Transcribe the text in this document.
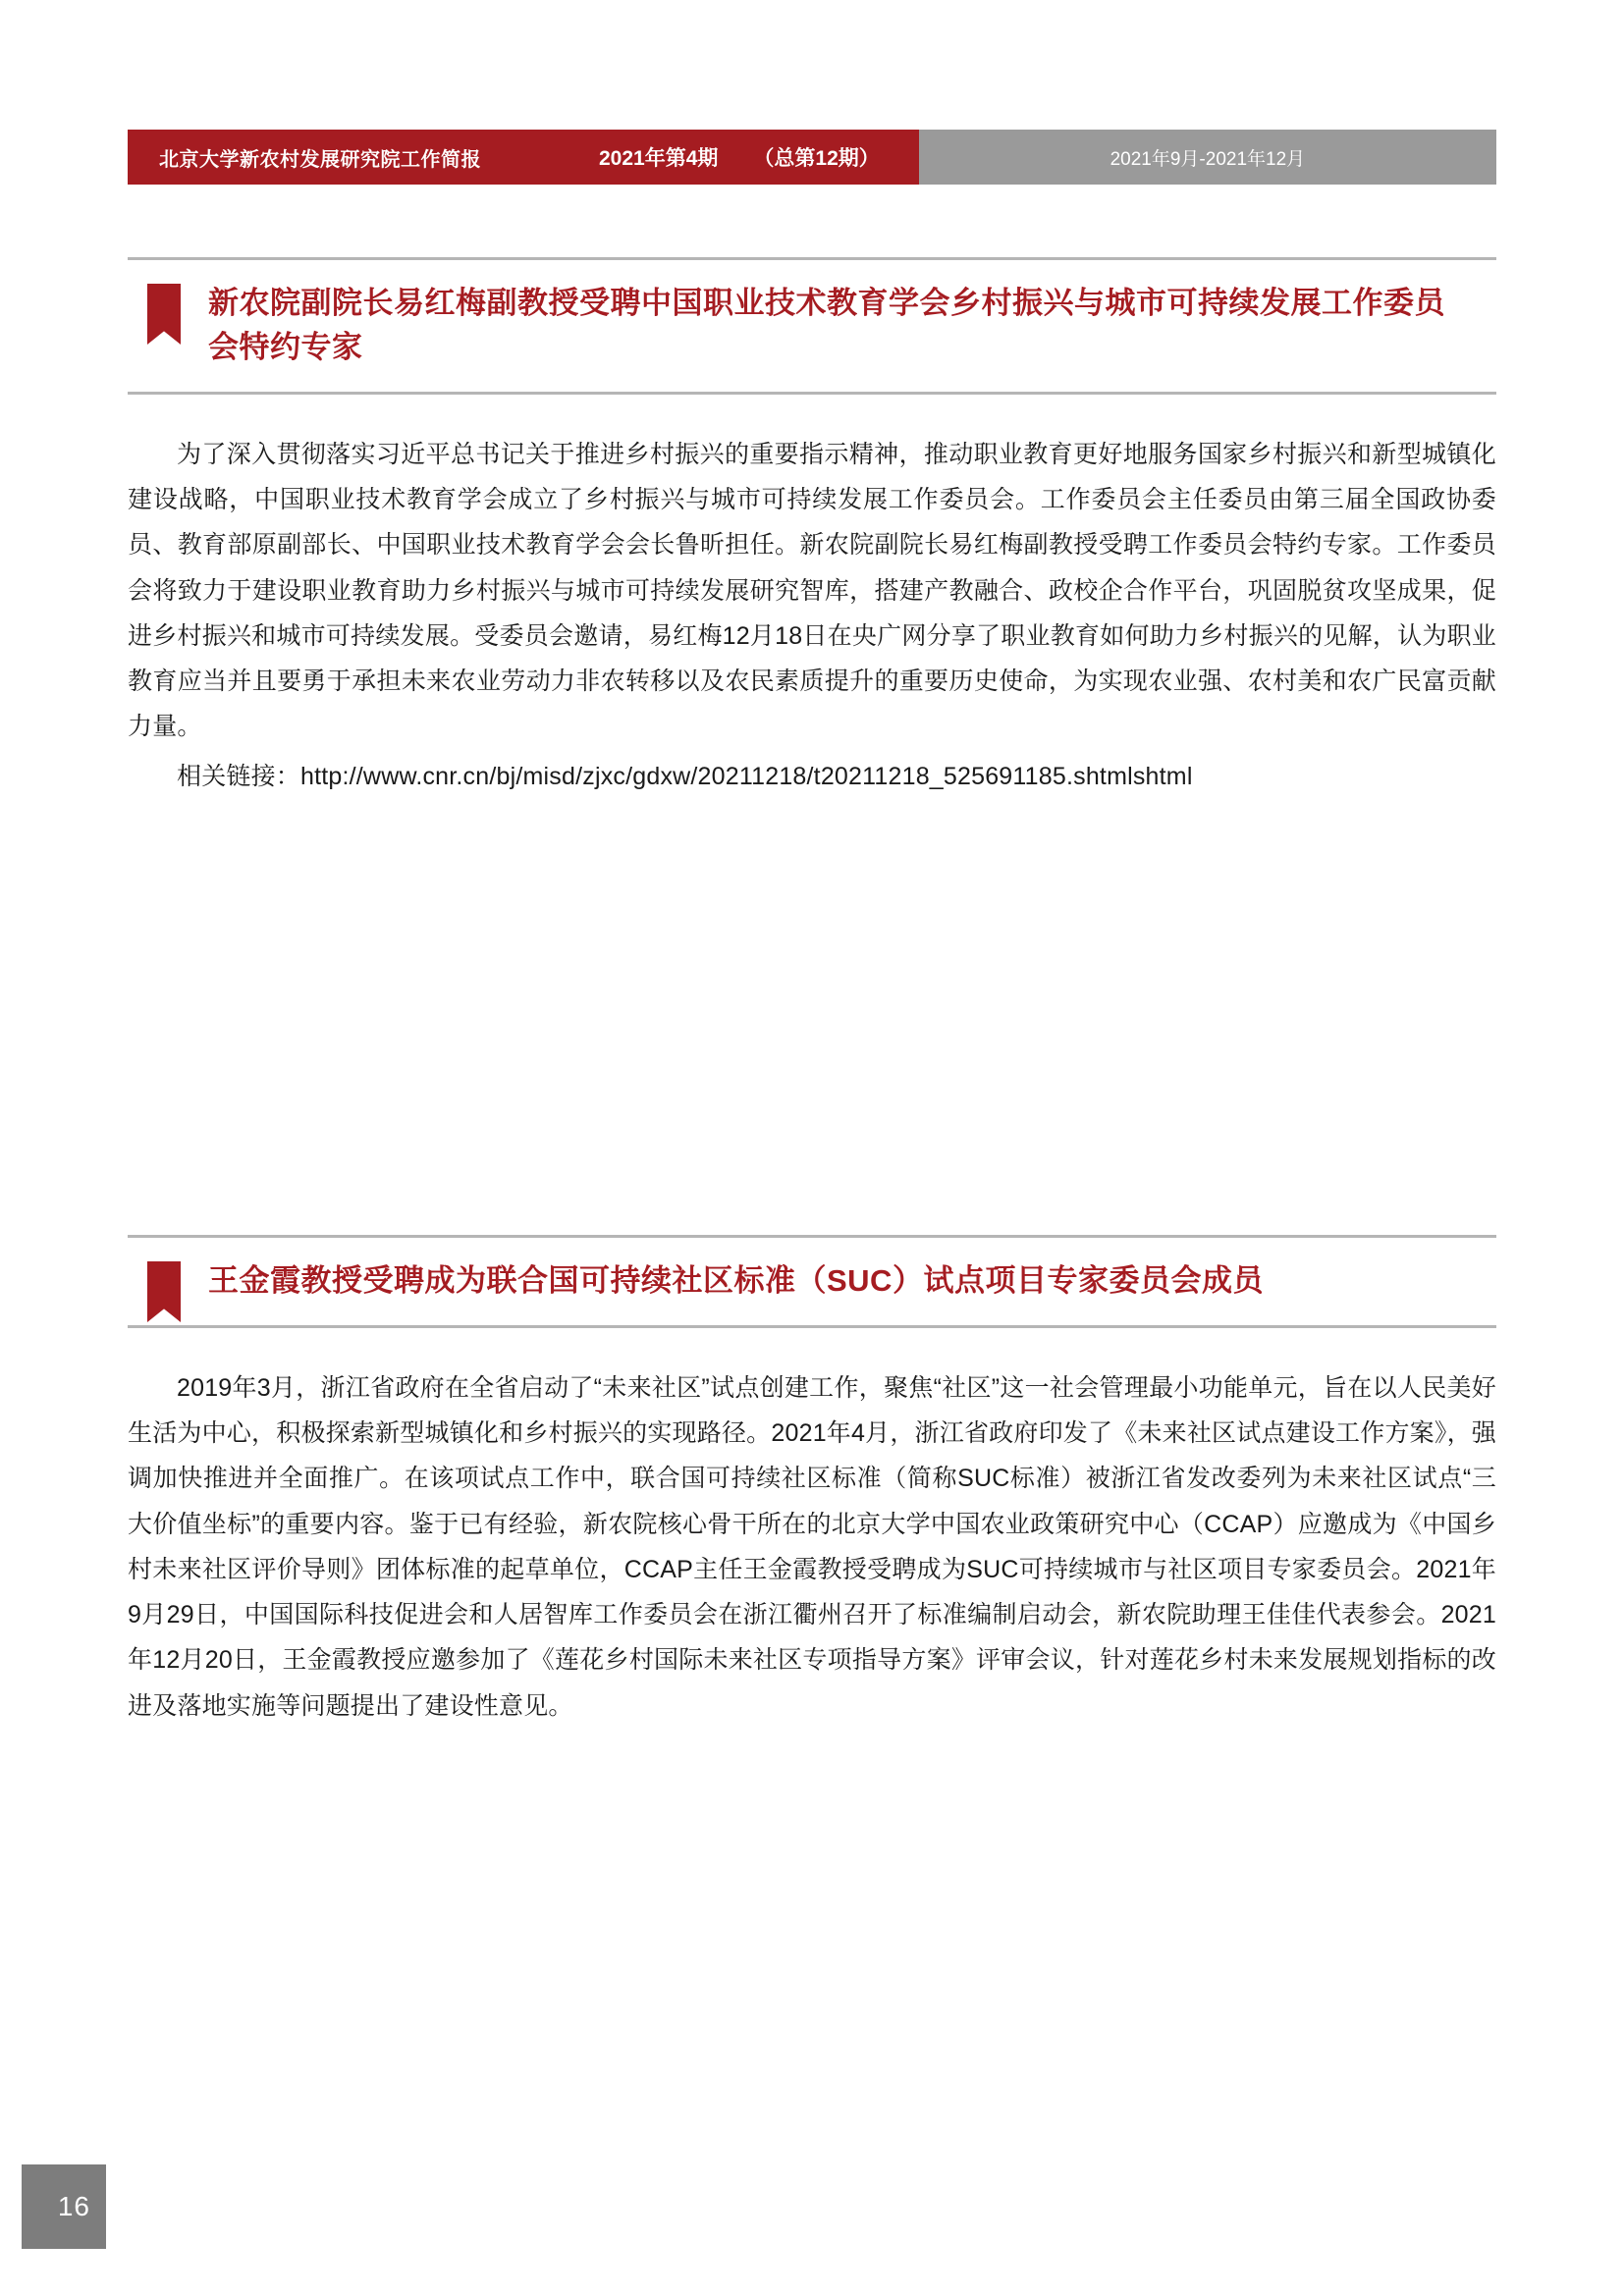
北京大学新农村发展研究院工作简报	2021年第4期 （总第12期）	2021年9月-2021年12月
新农院副院长易红梅副教授受聘中国职业技术教育学会乡村振兴与城市可持续发展工作委员会特约专家

为了深入贯彻落实习近平总书记关于推进乡村振兴的重要指示精神，推动职业教育更好地服务国家乡村振兴和新型城镇化建设战略，中国职业技术教育学会成立了乡村振兴与城市可持续发展工作委员会。工作委员会主任委员由第三届全国政协委员、教育部原副部长、中国职业技术教育学会会长鲁昕担任。新农院副院长易红梅副教授受聘工作委员会特约专家。工作委员会将致力于建设职业教育助力乡村振兴与城市可持续发展研究智库，搭建产教融合、政校企合作平台，巩固脱贫攻坚成果，促进乡村振兴和城市可持续发展。受委员会邀请，易红梅12月18日在央广网分享了职业教育如何助力乡村振兴的见解，认为职业教育应当并且要勇于承担未来农业劳动力非农转移以及农民素质提升的重要历史使命，为实现农业强、农村美和农广民富贡献力量。

相关链接：http://www.cnr.cn/bj/misd/zjxc/gdxw/20211218/t20211218_525691185.shtmlshtml

王金霞教授受聘成为联合国可持续社区标准（SUC）试点项目专家委员会成员

2019年3月，浙江省政府在全省启动了“未来社区”试点创建工作，聚焦“社区”这一社会管理最小功能单元，旨在以人民美好生活为中心，积极探索新型城镇化和乡村振兴的实现路径。2021年4月，浙江省政府印发了《未来社区试点建设工作方案》，强调加快推进并全面推广。在该项试点工作中，联合国可持续社区标准（简称SUC标准）被浙江省发改委列为未来社区试点“三大价值坐标”的重要内容。鉴于已有经验，新农院核心骨干所在的北京大学中国农业政策研究中心（CCAP）应邀成为《中国乡村未来社区评价导则》团体标准的起草单位，CCAP主任王金霞教授受聘成为SUC可持续城市与社区项目专家委员会。2021年9月29日，中国国际科技促进会和人居智库工作委员会在浙江衢州召开了标准编制启动会，新农院助理王佳佳代表参会。2021年12月20日，王金霞教授应邀参加了《莲花乡村国际未来社区专项指导方案》评审会议，针对莲花乡村未来发展规划指标的改进及落地实施等问题提出了建设性意见。

16
